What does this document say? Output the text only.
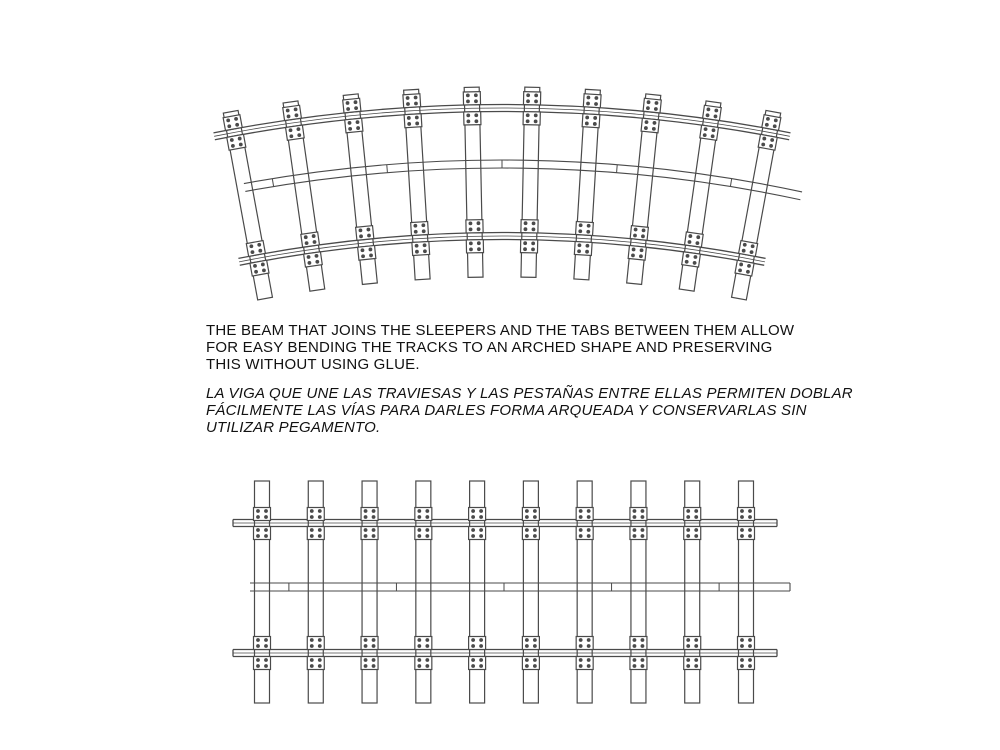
THE BEAM THAT JOINS THE SLEEPERS AND THE TABS BETWEEN THEM ALLOW
FOR EASY BENDING THE TRACKS TO AN ARCHED SHAPE AND PRESERVING
THIS WITHOUT USING GLUE.
LA VIGA QUE UNE LAS TRAVIESAS Y LAS PESTAÑAS ENTRE ELLAS PERMITEN DOBLAR
FÁCILMENTE LAS VÍAS PARA DARLES FORMA ARQUEADA Y CONSERVARLAS SIN
UTILIZAR PEGAMENTO.
